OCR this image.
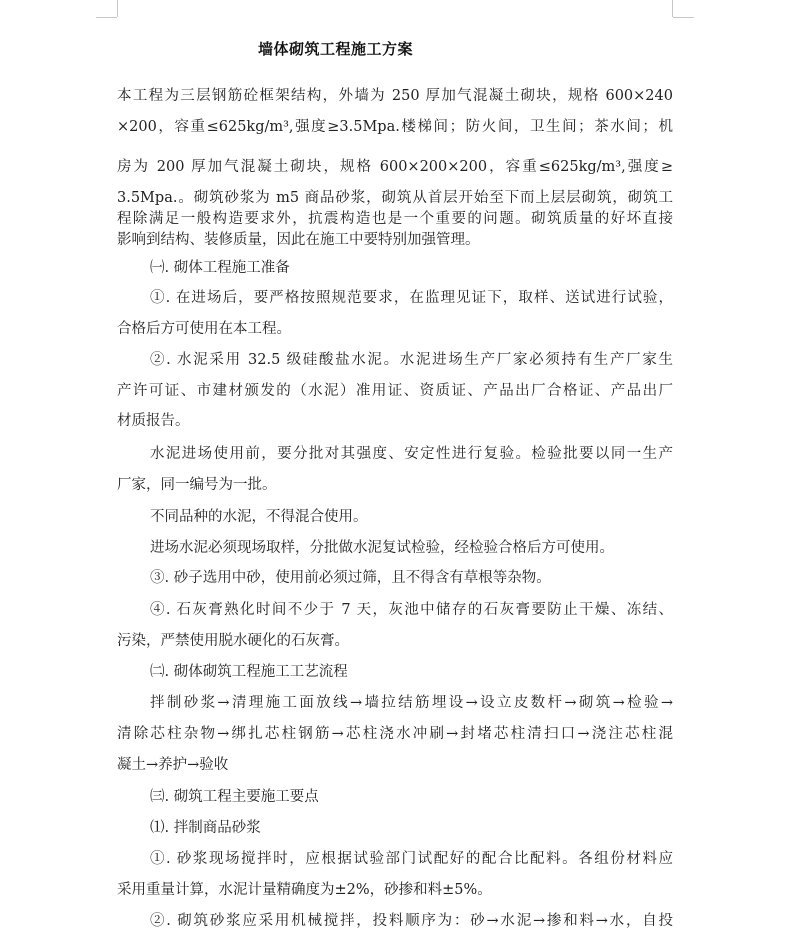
墙体砌筑工程施工方案
本工程为三层钢筋砼框架结构，外墙为 250 厚加气混凝土砌块，规格 600×240
×200，容重≤625kg/m³,强度≥3.5Mpa.楼梯间；防火间，卫生间；茶水间；机
房为 200 厚加气混凝土砌块，规格 600×200×200，容重≤625kg/m³,强度≥
3.5Mpa.。砌筑砂浆为 m5 商品砂浆，砌筑从首层开始至下而上层层砌筑，砌筑工
程除满足一般构造要求外，抗震构造也是一个重要的问题。砌筑质量的好坏直接
影响到结构、装修质量，因此在施工中要特别加强管理。
㈠. 砌体工程施工准备
①. 在进场后，要严格按照规范要求，在监理见证下，取样、送试进行试验，
合格后方可使用在本工程。
②. 水泥采用 32.5 级硅酸盐水泥。水泥进场生产厂家必须持有生产厂家生
产许可证、市建材颁发的（水泥）准用证、资质证、产品出厂合格证、产品出厂
材质报告。
水泥进场使用前，要分批对其强度、安定性进行复验。检验批要以同一生产
厂家，同一编号为一批。
不同品种的水泥，不得混合使用。
进场水泥必须现场取样，分批做水泥复试检验，经检验合格后方可使用。
③. 砂子选用中砂，使用前必须过筛，且不得含有草根等杂物。
④. 石灰膏熟化时间不少于 7 天，灰池中储存的石灰膏要防止干燥、冻结、
污染，严禁使用脱水硬化的石灰膏。
㈡. 砌体砌筑工程施工工艺流程
拌制砂浆→清理施工面放线→墙拉结筋埋设→设立皮数杆→砌筑→检验→
清除芯柱杂物→绑扎芯柱钢筋→芯柱浇水冲刷→封堵芯柱清扫口→浇注芯柱混
凝土→养护→验收
㈢. 砌筑工程主要施工要点
⑴. 拌制商品砂浆
①. 砂浆现场搅拌时，应根据试验部门试配好的配合比配料。各组份材料应
采用重量计算，水泥计量精确度为±2%，砂掺和料±5%。
②. 砌筑砂浆应采用机械搅拌，投料顺序为：砂→水泥→掺和料→水，自投
